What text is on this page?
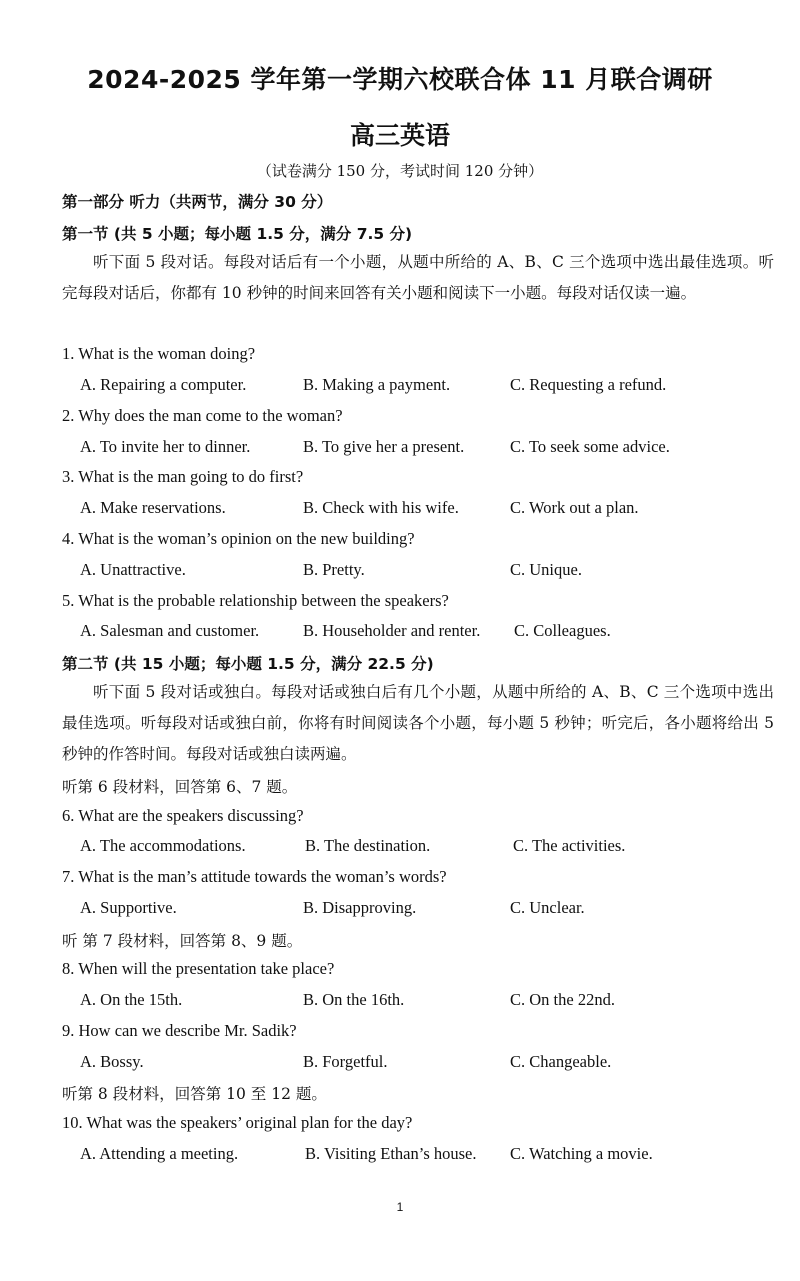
2024-2025 学年第一学期六校联合体 11 月联合调研
高三英语
（试卷满分 150 分，考试时间 120 分钟）
第一部分 听力（共两节，满分 30 分）
第一节 (共 5 小题；每小题 1.5 分，满分 7.5 分)
听下面 5 段对话。每段对话后有一个小题，从题中所给的 A、B、C 三个选项中选出最佳选项。听完每段对话后，你都有 10 秒钟的时间来回答有关小题和阅读下一小题。每段对话仅读一遍。
1. What is the woman doing?
A. Repairing a computer.	B. Making a payment.	C. Requesting a refund.
2. Why does the man come to the woman?
A. To invite her to dinner.	B. To give her a present.	C. To seek some advice.
3. What is the man going to do first?
A. Make reservations.	B. Check with his wife.	C. Work out a plan.
4. What is the woman’s opinion on the new building?
A. Unattractive.	B. Pretty.	C. Unique.
5. What is the probable relationship between the speakers?
A. Salesman and customer.	B. Householder and renter. C. Colleagues.
第二节 (共 15 小题；每小题 1.5 分，满分 22.5 分)
听下面 5 段对话或独白。每段对话或独白后有几个小题，从题中所给的 A、B、C 三个选项中选出最佳选项。听每段对话或独白前，你将有时间阅读各个小题，每小题 5 秒钟；听完后，各小题将给出 5 秒钟的作答时间。每段对话或独白读两遍。
听第 6 段材料，回答第 6、7 题。
6. What are the speakers discussing?
A. The accommodations.	B. The destination.	C. The activities.
7. What is the man’s attitude towards the woman’s words?
A. Supportive.	B. Disapproving.	C. Unclear.
听 第 7 段材料，回答第 8、9 题。
8. When will the presentation take place?
A. On the 15th.	B. On the 16th.	C. On the 22nd.
9. How can we describe Mr. Sadik?
A. Bossy.	B. Forgetful.	C. Changeable.
听第 8 段材料，回答第 10 至 12 题。
10. What was the speakers’ original plan for the day?
A. Attending a meeting.	B. Visiting Ethan’s house. C. Watching a movie.
1
